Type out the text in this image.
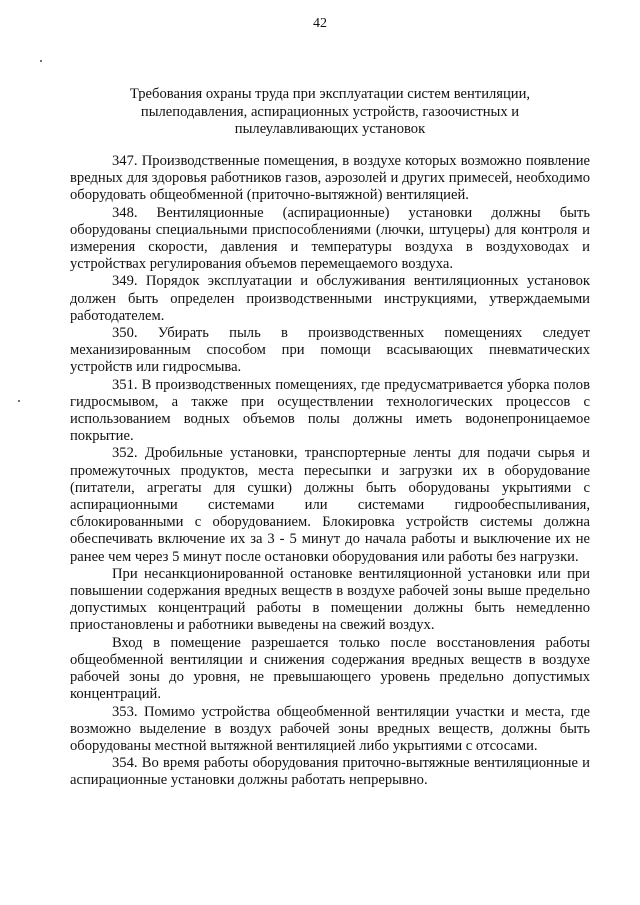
42
Требования охраны труда при эксплуатации систем вентиляции,
пылеподавления, аспирационных устройств, газоочистных и
пылеулавливающих установок

347. Производственные помещения, в воздухе которых возможно появление вредных для здоровья работников газов, аэрозолей и других примесей, необходимо оборудовать общеобменной (приточно-вытяжной) вентиляцией.

348. Вентиляционные (аспирационные) установки должны быть оборудованы специальными приспособлениями (лючки, штуцеры) для контроля и измерения скорости, давления и температуры воздуха в воздуховодах и устройствах регулирования объемов перемещаемого воздуха.

349. Порядок эксплуатации и обслуживания вентиляционных установок должен быть определен производственными инструкциями, утверждаемыми работодателем.

350. Убирать пыль в производственных помещениях следует механизированным способом при помощи всасывающих пневматических устройств или гидросмыва.

351. В производственных помещениях, где предусматривается уборка полов гидросмывом, а также при осуществлении технологических процессов с использованием водных объемов полы должны иметь водонепроницаемое покрытие.

352. Дробильные установки, транспортерные ленты для подачи сырья и промежуточных продуктов, места пересыпки и загрузки их в оборудование (питатели, агрегаты для сушки) должны быть оборудованы укрытиями с аспирационными системами или системами гидрообеспыливания, сблокированными с оборудованием. Блокировка устройств системы должна обеспечивать включение их за 3 - 5 минут до начала работы и выключение их не ранее чем через 5 минут после остановки оборудования или работы без нагрузки.

При несанкционированной остановке вентиляционной установки или при повышении содержания вредных веществ в воздухе рабочей зоны выше предельно допустимых концентраций работы в помещении должны быть немедленно приостановлены и работники выведены на свежий воздух.

Вход в помещение разрешается только после восстановления работы общеобменной вентиляции и снижения содержания вредных веществ в воздухе рабочей зоны до уровня, не превышающего уровень предельно допустимых концентраций.

353. Помимо устройства общеобменной вентиляции участки и места, где возможно выделение в воздух рабочей зоны вредных веществ, должны быть оборудованы местной вытяжной вентиляцией либо укрытиями с отсосами.

354. Во время работы оборудования приточно-вытяжные вентиляционные и аспирационные установки должны работать непрерывно.
